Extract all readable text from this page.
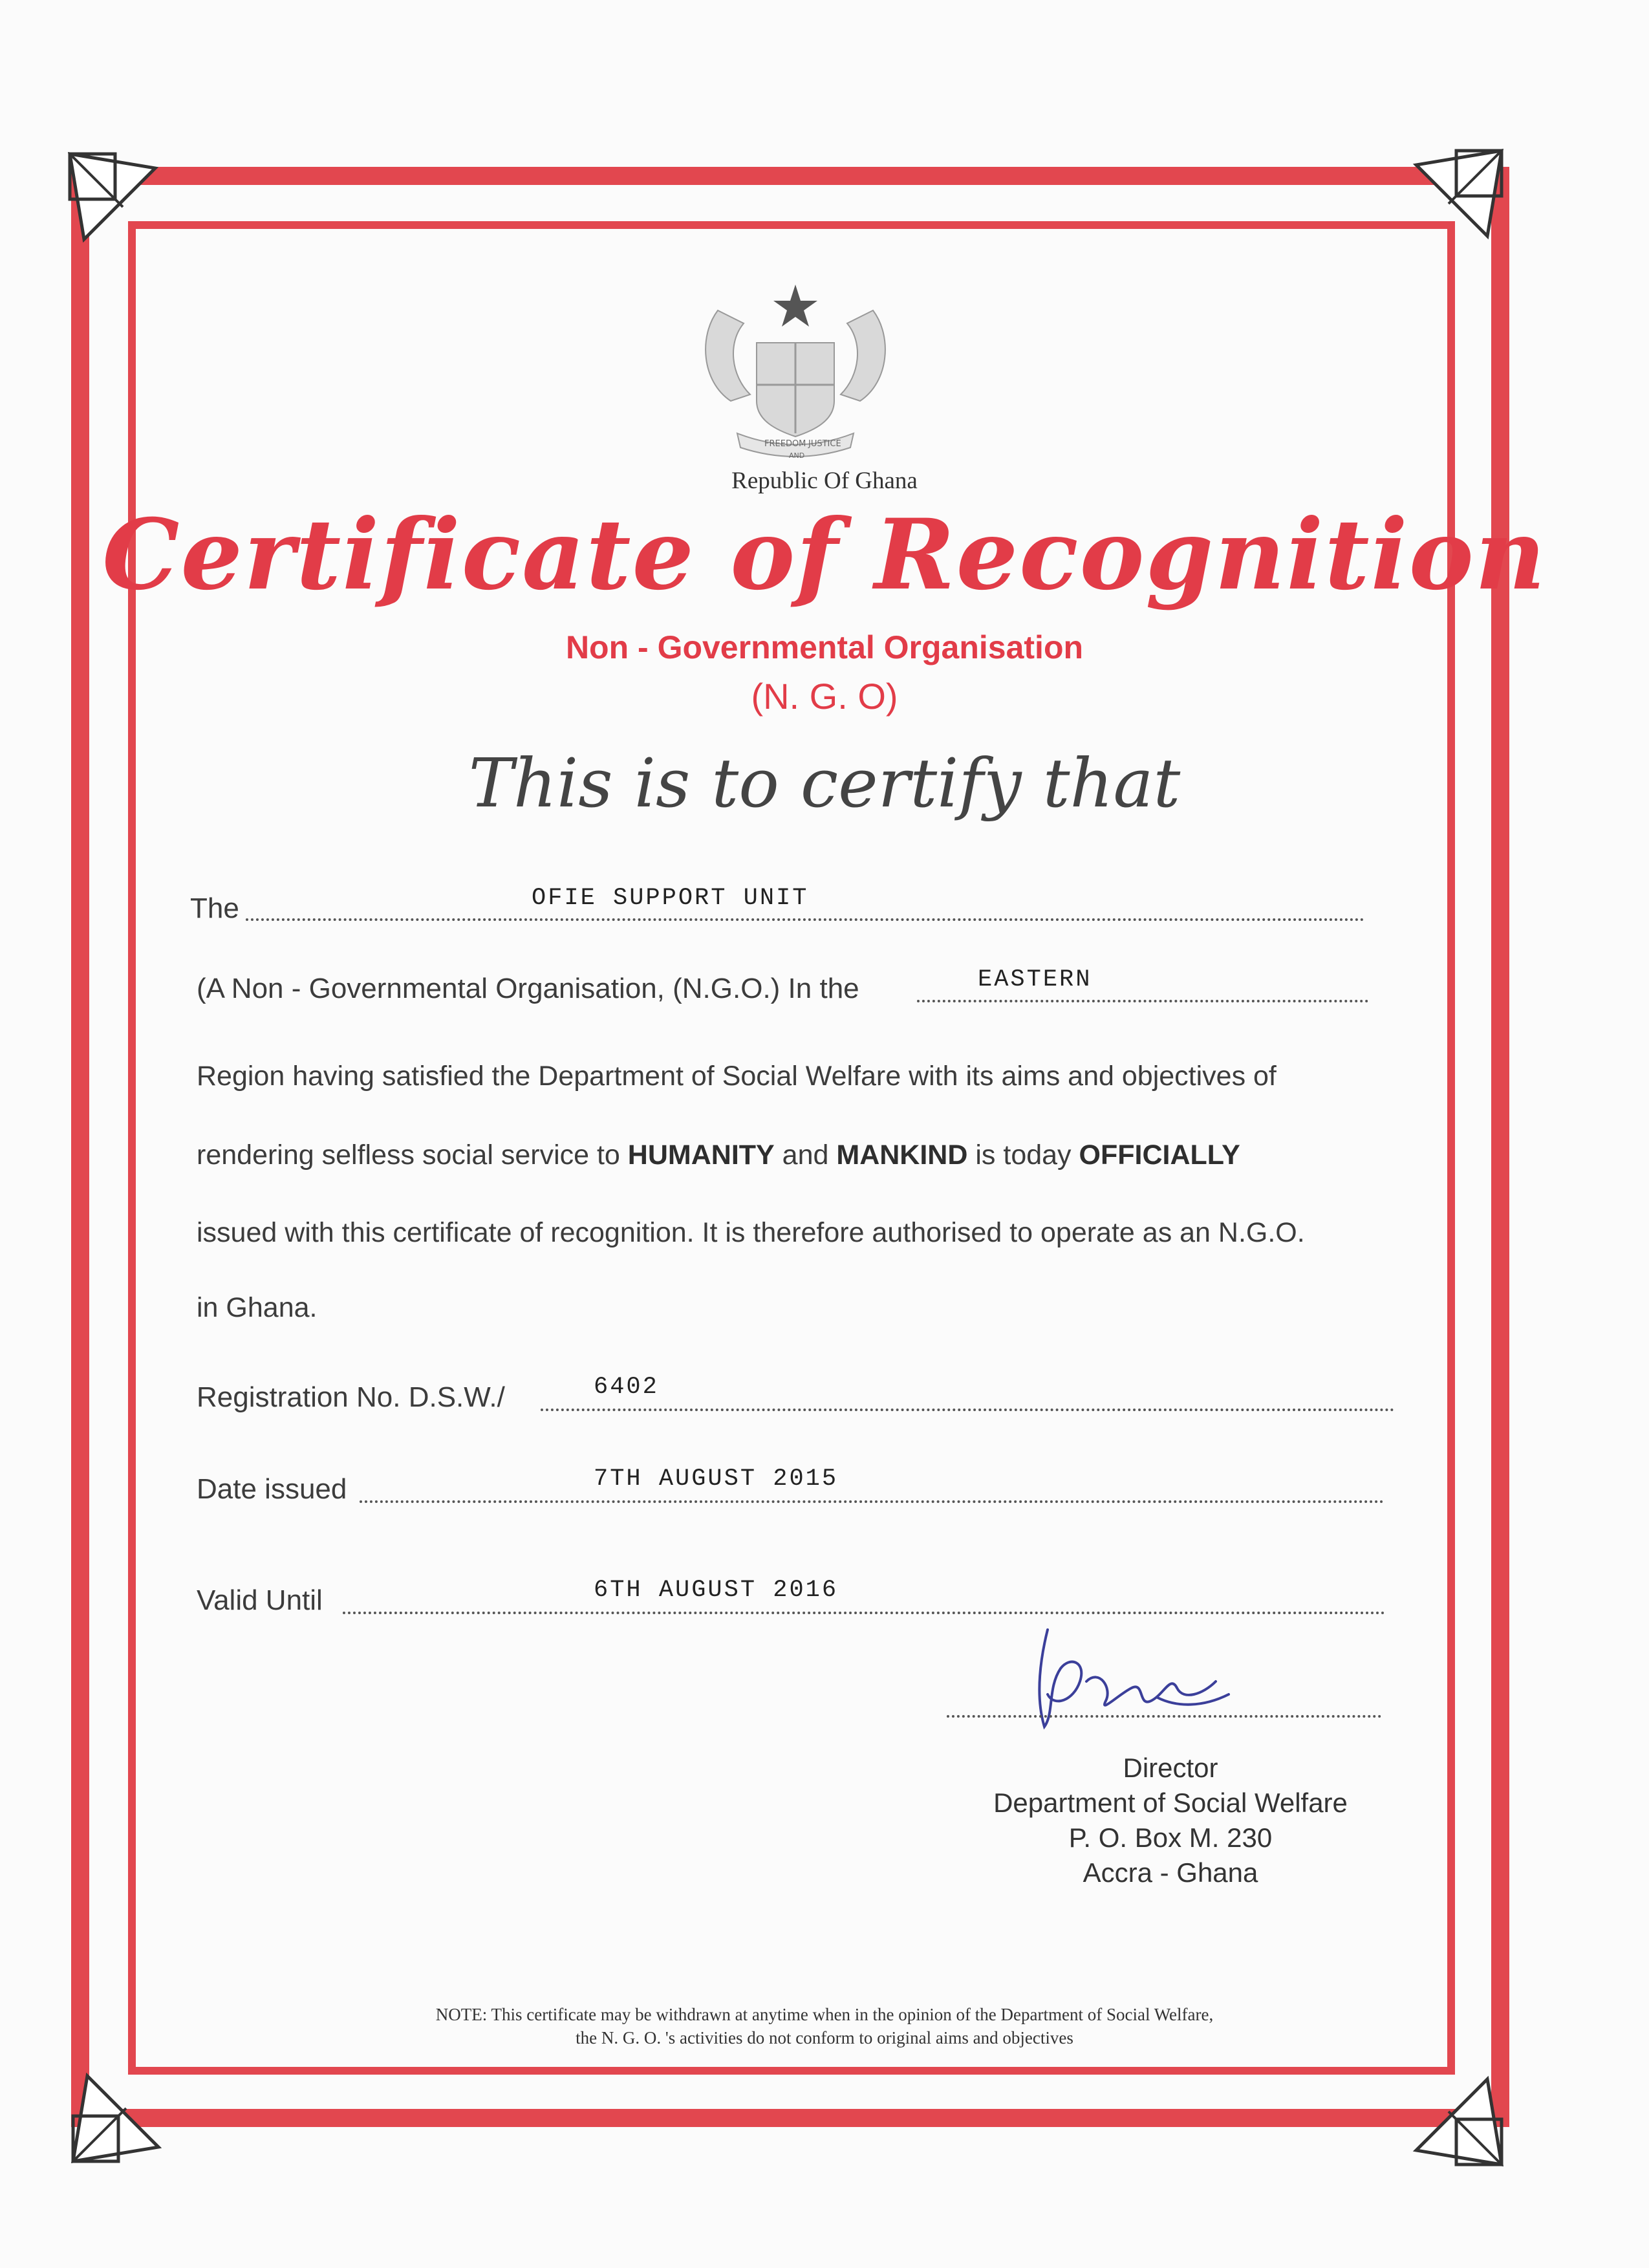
FREEDOM
AND
JUSTICE
Republic Of Ghana
Certificate of Recognition
Non - Governmental Organisation
(N. G. O)
This is to certify that
The	OFIE SUPPORT UNIT
(A Non - Governmental Organisation, (N.G.O.) In the	EASTERN
Region having satisfied the Department of Social Welfare with its aims and objectives of
rendering selfless social service to HUMANITY and MANKIND is today OFFICIALLY
issued with this certificate of recognition. It is therefore authorised to operate as an N.G.O.
in Ghana.
Registration No. D.S.W./	6402
Date issued	7TH AUGUST 2015
Valid Until	6TH AUGUST 2016
Director
Department of Social Welfare
P. O. Box M. 230
Accra - Ghana
NOTE: This certificate may be withdrawn at anytime when in the opinion of the Department of Social Welfare,
the N. G. O. 's activities do not conform to original aims and objectives
